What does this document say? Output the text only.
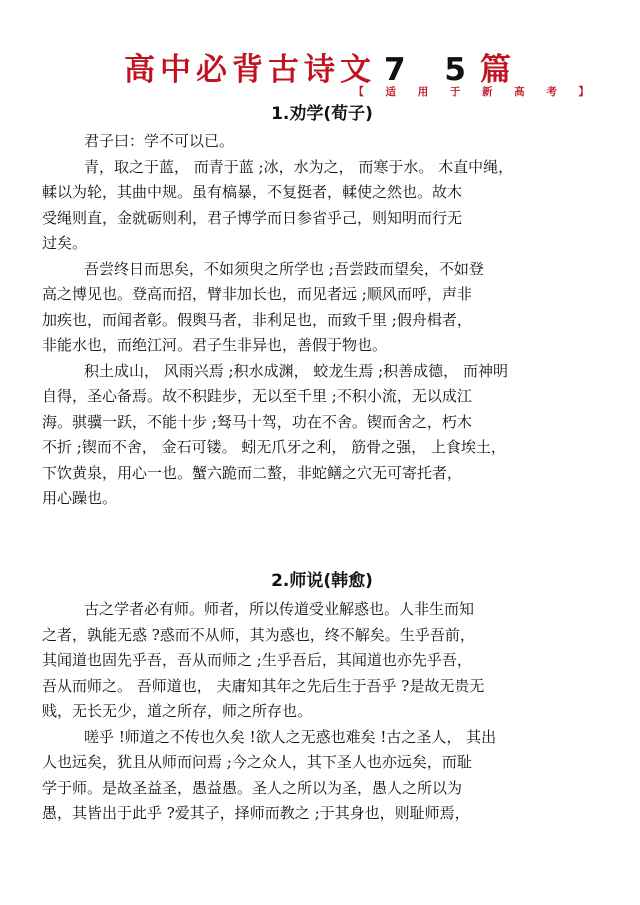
高中必背古诗文 7 5篇
【 适 用 于 新 高 考 】
1.劝学(荀子)
君子曰：学不可以已。
青，取之于蓝， 而青于蓝 ;冰，水为之， 而寒于水。 木直中绳，
輮以为轮，其曲中规。虽有槁暴，不复挺者，輮使之然也。故木
受绳则直，金就砺则利，君子博学而日参省乎己，则知明而行无
过矣。
吾尝终日而思矣，不如须臾之所学也 ;吾尝跂而望矣，不如登
高之博见也。登高而招，臂非加长也，而见者远 ;顺风而呼，声非
加疾也，而闻者彰。假舆马者，非利足也，而致千里 ;假舟楫者，
非能水也，而绝江河。君子生非异也，善假于物也。
积土成山， 风雨兴焉 ;积水成渊， 蛟龙生焉 ;积善成德， 而神明
自得，圣心备焉。故不积跬步，无以至千里 ;不积小流，无以成江
海。骐骥一跃，不能十步 ;驽马十驾，功在不舍。锲而舍之，朽木
不折 ;锲而不舍， 金石可镂。 蚓无爪牙之利， 筋骨之强， 上食埃土，
下饮黄泉，用心一也。蟹六跪而二螯，非蛇鳝之穴无可寄托者，
用心躁也。
2.师说(韩愈)
古之学者必有师。师者，所以传道受业解惑也。人非生而知
之者，孰能无惑 ?惑而不从师，其为惑也，终不解矣。生乎吾前，
其闻道也固先乎吾，吾从而师之 ;生乎吾后，其闻道也亦先乎吾，
吾从而师之。 吾师道也， 夫庸知其年之先后生于吾乎 ?是故无贵无
贱，无长无少，道之所存，师之所存也。
嗟乎 !师道之不传也久矣 !欲人之无惑也难矣 !古之圣人， 其出
人也远矣，犹且从师而问焉 ;今之众人，其下圣人也亦远矣，而耻
学于师。是故圣益圣，愚益愚。圣人之所以为圣，愚人之所以为
愚，其皆出于此乎 ?爱其子，择师而教之 ;于其身也，则耻师焉，
